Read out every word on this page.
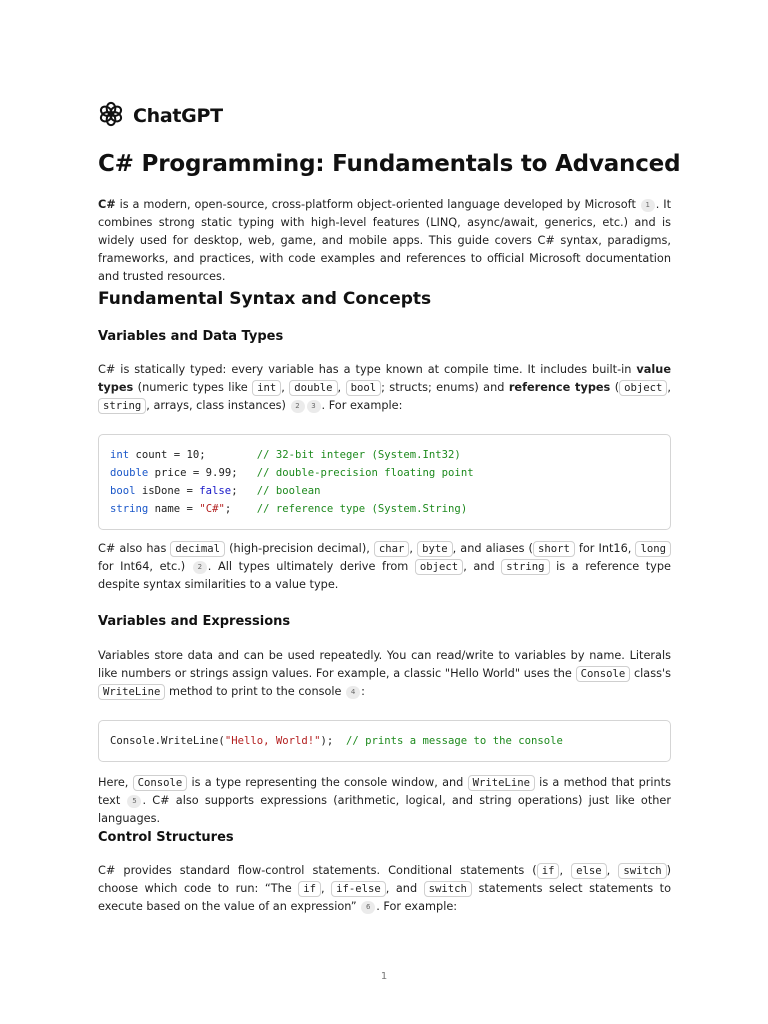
ChatGPT
C# Programming: Fundamentals to Advanced

C# is a modern, open-source, cross-platform object-oriented language developed by Microsoft 1 . It combines strong static typing with high-level features (LINQ, async/await, generics, etc.) and is widely used for desktop, web, game, and mobile apps. This guide covers C# syntax, paradigms, frameworks, and practices, with code examples and references to official Microsoft documentation and trusted resources.

Fundamental Syntax and Concepts
Variables and Data Types

C# is statically typed: every variable has a type known at compile time. It includes built-in value types (numeric types like int , double , bool ; structs; enums) and reference types ( object , string , arrays, class instances) 2 3 . For example:

int count = 10;        // 32-bit integer (System.Int32)
double price = 9.99;   // double-precision floating point
bool isDone = false;   // boolean
string name = "C#";    // reference type (System.String)

C# also has decimal (high-precision decimal), char , byte , and aliases ( short for Int16, long for Int64, etc.) 2 . All types ultimately derive from object , and string is a reference type despite syntax similarities to a value type.

Variables and Expressions

Variables store data and can be used repeatedly. You can read/write to variables by name. Literals like numbers or strings assign values. For example, a classic "Hello World" uses the Console class's WriteLine method to print to the console 4 :

Console.WriteLine("Hello, World!");  // prints a message to the console

Here, Console is a type representing the console window, and WriteLine is a method that prints text 5 . C# also supports expressions (arithmetic, logical, and string operations) just like other languages.

Control Structures

C# provides standard flow-control statements. Conditional statements ( if , else , switch ) choose which code to run: “The if , if-else , and switch statements select statements to execute based on the value of an expression” 6 . For example:

1
